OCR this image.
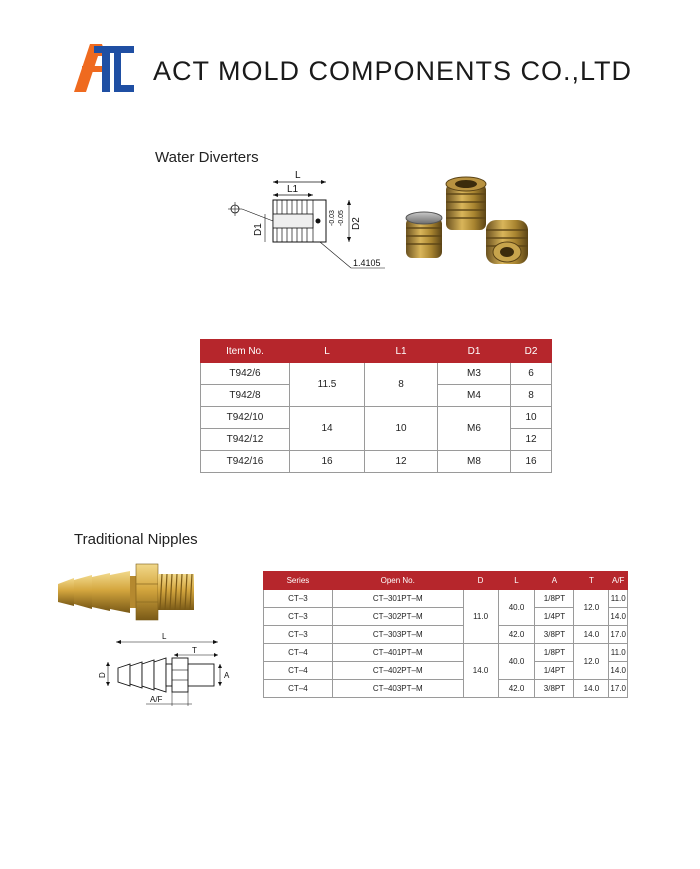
ACT MOLD COMPONENTS CO.,LTD
Water Diverters
L
L1
D1
-0.03 -0.05 D2
1.4105
Item No.	L	L1	D1	D2
T942/6	11.5	8	M3	6
T942/8			M4	8
T942/10	14	10	M6	10
T942/12				12
T942/16	16	12	M8	16
Traditional Nipples
L
T
D	A
A/F
Series	Open No.	D	L	A	T	A/F
CT–3	CT–301PT–M	11.0	40.0	1/8PT	12.0	11.0
CT–3	CT–302PT–M			1/4PT		14.0
CT–3	CT–303PT–M		42.0	3/8PT	14.0	17.0
CT–4	CT–401PT–M	14.0	40.0	1/8PT	12.0	11.0
CT–4	CT–402PT–M			1/4PT		14.0
CT–4	CT–403PT–M		42.0	3/8PT	14.0	17.0
